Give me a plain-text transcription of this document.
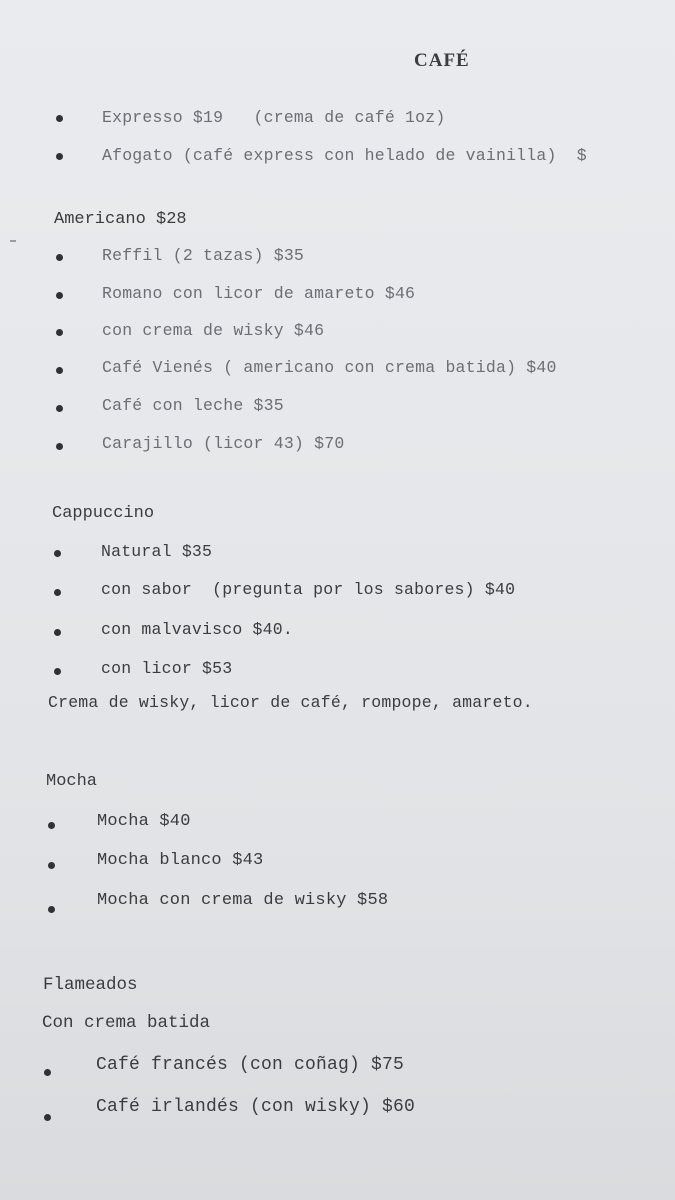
CAFÉ
Expresso $19   (crema de café 1oz)
Afogato (café express con helado de vainilla)  $
Americano $28
Reffil (2 tazas) $35
Romano con licor de amareto $46
con crema de wisky $46
Café Vienés ( americano con crema batida) $40
Café con leche $35
Carajillo (licor 43) $70
Cappuccino
Natural $35
con sabor  (pregunta por los sabores) $40
con malvavisco $40.
con licor $53
Crema de wisky, licor de café, rompope, amareto.
Mocha
Mocha $40
Mocha blanco $43
Mocha con crema de wisky $58
Flameados
Con crema batida
Café francés (con coñag) $75
Café irlandés (con wisky) $60
